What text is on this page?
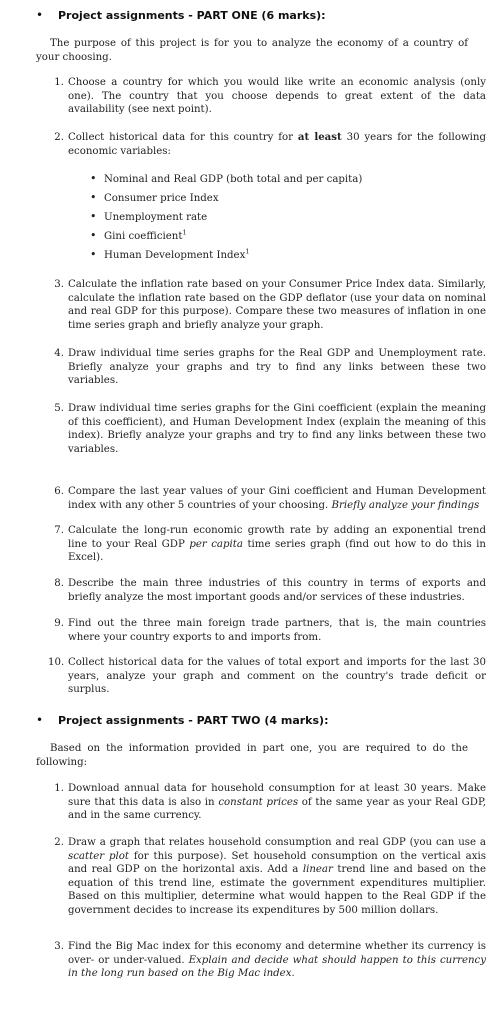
• Project assignments - PART ONE (6 marks):
The purpose of this project is for you to analyze the economy of a country of your choosing.
1. Choose a country for which you would like write an economic analysis (only one). The country that you choose depends to great extent of the data availability (see next point).
2. Collect historical data for this country for at least 30 years for the following economic variables:
• Nominal and Real GDP (both total and per capita)
• Consumer price Index
• Unemployment rate
• Gini coefficient$^1$
• Human Development Index$^1$
3. Calculate the inflation rate based on your Consumer Price Index data. Similarly, calculate the inflation rate based on the GDP deflator (use your data on nominal and real GDP for this purpose). Compare these two measures of inflation in one time series graph and briefly analyze your graph.
4. Draw individual time series graphs for the Real GDP and Unemployment rate. Briefly analyze your graphs and try to find any links between these two variables.
5. Draw individual time series graphs for the Gini coefficient (explain the meaning of this coefficient), and Human Development Index (explain the meaning of this index). Briefly analyze your graphs and try to find any links between these two variables.
6. Compare the last year values of your Gini coefficient and Human Development index with any other 5 countries of your choosing. Briefly analyze your findings
7. Calculate the long-run economic growth rate by adding an exponential trend line to your Real GDP per capita time series graph (find out how to do this in Excel).
8. Describe the main three industries of this country in terms of exports and briefly analyze the most important goods and/or services of these industries.
9. Find out the three main foreign trade partners, that is, the main countries where your country exports to and imports from.
10. Collect historical data for the values of total export and imports for the last 30 years, analyze your graph and comment on the country's trade deficit or surplus.
• Project assignments - PART TWO (4 marks):
Based on the information provided in part one, you are required to do the following:
1. Download annual data for household consumption for at least 30 years. Make sure that this data is also in constant prices of the same year as your Real GDP, and in the same currency.
2. Draw a graph that relates household consumption and real GDP (you can use a scatter plot for this purpose). Set household consumption on the vertical axis and real GDP on the horizontal axis. Add a linear trend line and based on the equation of this trend line, estimate the government expenditures multiplier. Based on this multiplier, determine what would happen to the Real GDP if the government decides to increase its expenditures by 500 million dollars.
3. Find the Big Mac index for this economy and determine whether its currency is over- or under-valued. Explain and decide what should happen to this currency in the long run based on the Big Mac index.
